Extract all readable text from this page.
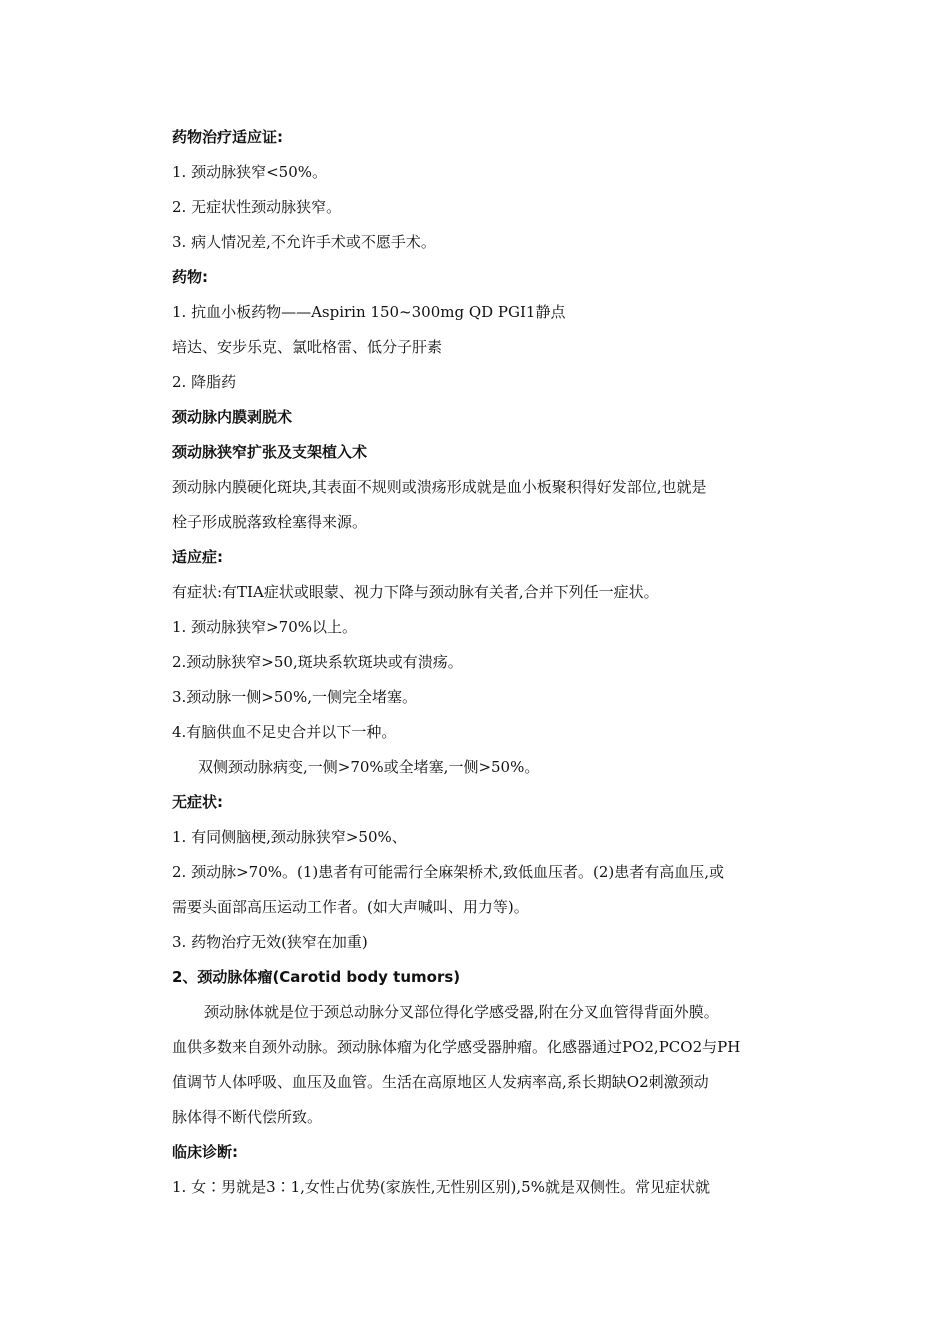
药物治疗适应证:
1. 颈动脉狭窄<50%。
2. 无症状性颈动脉狭窄。
3. 病人情况差,不允许手术或不愿手术。
药物:
1. 抗血小板药物——Aspirin 150~300mg QD PGI1静点
培达、安步乐克、氯吡格雷、低分子肝素
2. 降脂药
颈动脉内膜剥脱术
颈动脉狭窄扩张及支架植入术
颈动脉内膜硬化斑块,其表面不规则或溃疡形成就是血小板聚积得好发部位,也就是
栓子形成脱落致栓塞得来源。
适应症:
有症状:有TIA症状或眼蒙、视力下降与颈动脉有关者,合并下列任一症状。
1. 颈动脉狭窄>70%以上。
2.颈动脉狭窄>50,斑块系软斑块或有溃疡。
3.颈动脉一侧>50%,一侧完全堵塞。
4.有脑供血不足史合并以下一种。
双侧颈动脉病变,一侧>70%或全堵塞,一侧>50%。
无症状:
1. 有同侧脑梗,颈动脉狭窄>50%、
2. 颈动脉>70%。(1)患者有可能需行全麻架桥术,致低血压者。(2)患者有高血压,或
需要头面部高压运动工作者。(如大声喊叫、用力等)。
3. 药物治疗无效(狭窄在加重)
2、颈动脉体瘤(Carotid body tumors)
颈动脉体就是位于颈总动脉分叉部位得化学感受器,附在分叉血管得背面外膜。
血供多数来自颈外动脉。颈动脉体瘤为化学感受器肿瘤。化感器通过PO2,PCO2与PH
值调节人体呼吸、血压及血管。生活在高原地区人发病率高,系长期缺O2刺激颈动
脉体得不断代偿所致。
临床诊断:
1. 女∶男就是3∶1,女性占优势(家族性,无性别区别),5%就是双侧性。常见症状就
